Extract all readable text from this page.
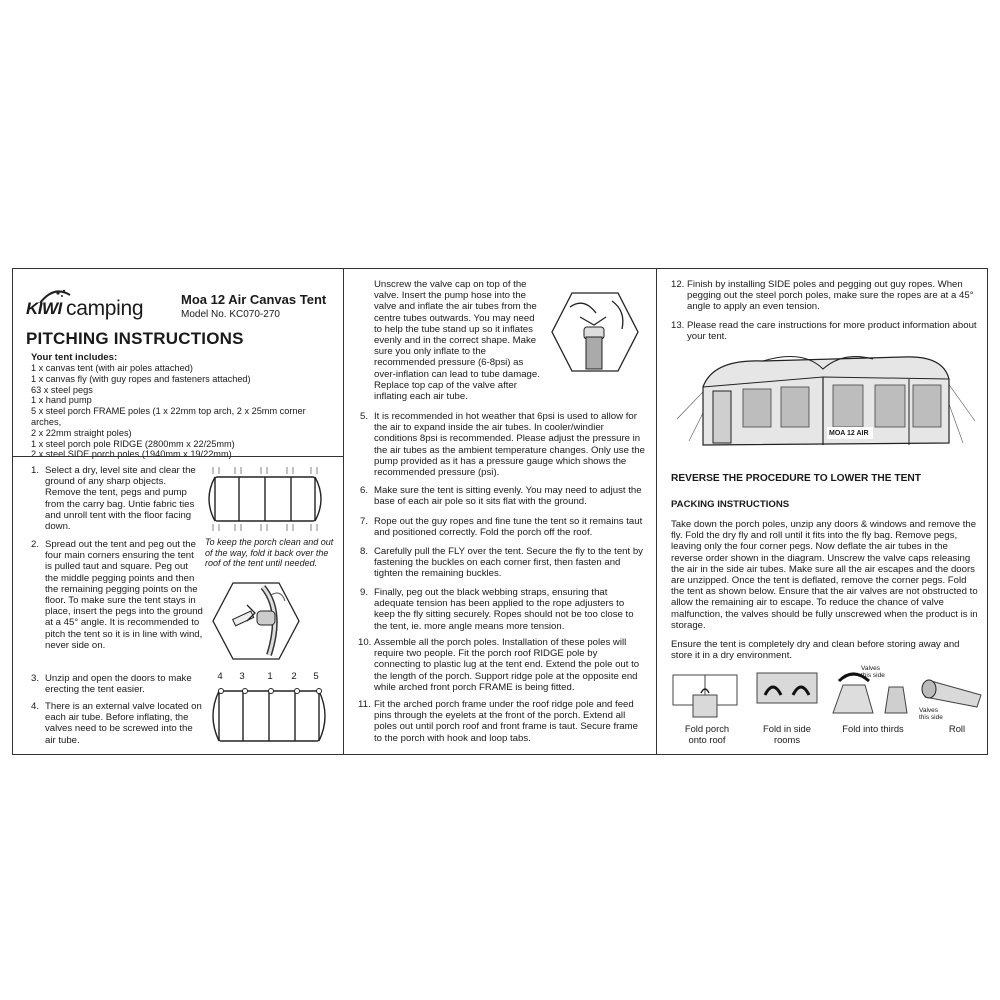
KIWI camping	Moa 12 Air Canvas Tent
Model No. KC070-270
PITCHING INSTRUCTIONS
Your tent includes:
1 x canvas tent (with air poles attached)
1 x canvas fly (with guy ropes and fasteners attached)
63 x steel pegs
1 x hand pump
5 x steel porch FRAME poles (1 x 22mm top arch, 2 x 25mm corner arches,
2 x 22mm straight poles)
1 x steel porch pole RIDGE (2800mm x 22/25mm)
2 x steel SIDE porch poles (1940mm x 19/22mm)
1. Select a dry, level site and clear the ground of any sharp objects. Remove the tent, pegs and pump from the carry bag. Untie fabric ties and unroll tent with the floor facing down.
2. Spread out the tent and peg out the four main corners ensuring the tent is pulled taut and square. Peg out the middle pegging points and then the remaining pegging points on the floor. To make sure the tent stays in place, insert the pegs into the ground at a 45° angle. It is recommended to pitch the tent so it is in line with wind, never side on.
3. Unzip and open the doors to make erecting the tent easier.
4. There is an external valve located on each air tube. Before inflating, the valves need to be screwed into the air tube.
To keep the porch clean and out of the way, fold it back over the roof of the tent until needed.
4	3	1	2	5
Unscrew the valve cap on top of the valve. Insert the pump hose into the valve and inflate the air tubes from the centre tubes outwards. You may need to help the tube stand up so it inflates evenly and in the correct shape. Make sure you only inflate to the recommended pressure (6-8psi) as over-inflation can lead to tube damage. Replace top cap of the valve after inflating each air tube.
5. It is recommended in hot weather that 6psi is used to allow for the air to expand inside the air tubes. In cooler/windier conditions 8psi is recommended. Please adjust the pressure in the air tubes as the ambient temperature changes. Only use the pump provided as it has a pressure gauge which shows the recommended pressure (psi).
6. Make sure the tent is sitting evenly. You may need to adjust the base of each air pole so it sits flat with the ground.
7. Rope out the guy ropes and fine tune the tent so it remains taut and positioned correctly. Fold the porch off the roof.
8. Carefully pull the FLY over the tent. Secure the fly to the tent by fastening the buckles on each corner first, then fasten and tighten the remaining buckles.
9. Finally, peg out the black webbing straps, ensuring that adequate tension has been applied to the rope adjusters to keep the fly sitting securely. Ropes should not be too close to the tent, ie. more angle means more tension.
10. Assemble all the porch poles. Installation of these poles will require two people. Fit the porch roof RIDGE pole by connecting to plastic lug at the tent end. Extend the pole out to the length of the porch. Support ridge pole at the opposite end while arched front porch FRAME is being fitted.
11. Fit the arched porch frame under the roof ridge pole and feed pins through the eyelets at the front of the porch. Extend all poles out until porch roof and front frame is taut. Secure frame to the porch with hook and loop tabs.
12. Finish by installing SIDE poles and pegging out guy ropes. When pegging out the steel porch poles, make sure the ropes are at a 45° angle to apply an even tension.
13. Please read the care instructions for more product information about your tent.
MOA 12 AIR
REVERSE THE PROCEDURE TO LOWER THE TENT
PACKING INSTRUCTIONS
Take down the porch poles, unzip any doors & windows and remove the fly. Fold the dry fly and roll until it fits into the fly bag. Remove pegs, leaving only the four corner pegs. Now deflate the air tubes in the reverse order shown in the diagram. Unscrew the valve caps releasing the air in the side air tubes. Make sure all the air escapes and the doors are unzipped. Once the tent is deflated, remove the corner pegs. Fold the tent as shown below. Ensure that the air valves are not obstructed to allow the remaining air to escape. To reduce the chance of valve malfunction, the valves should be fully unscrewed when the product is in storage.
Ensure the tent is completely dry and clean before storing away and store it in a dry environment.
Valves this side
Valves this side
Fold porch onto roof
Fold in side rooms
Fold into thirds	Roll
